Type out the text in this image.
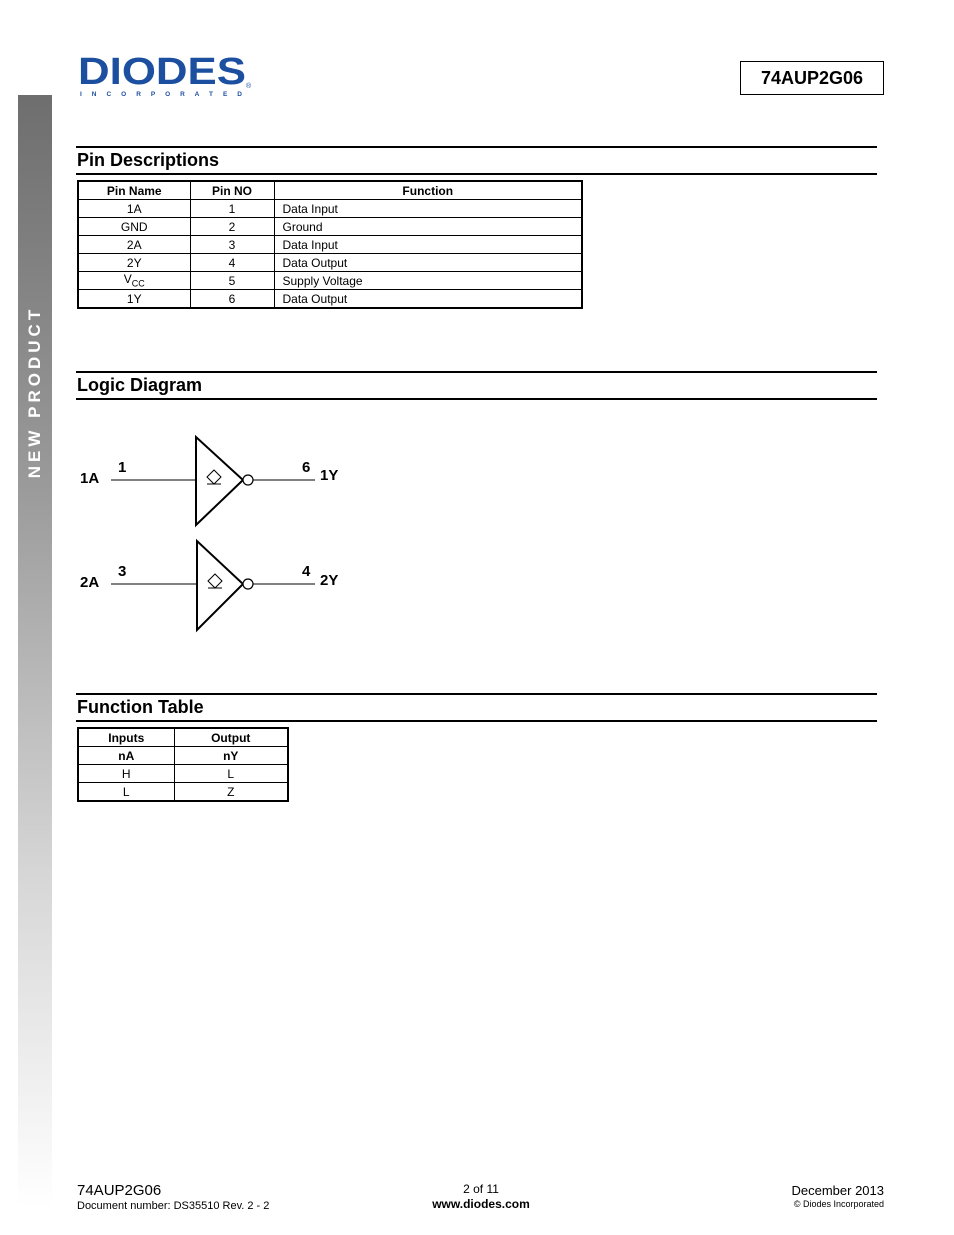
NEW PRODUCT
DIODES ®
I N C O R P O R A T E D
74AUP2G06
Pin Descriptions
Pin Name	Pin NO	Function
1A	1	Data Input
GND	2	Ground
2A	3	Data Input
2Y	4	Data Output
$V_{CC}$	5	Supply Voltage
1Y	6	Data Output
Logic Diagram
1A
1	6 1Y
2A
3	4
2Y
Function Table
Inputs	Output
nA	nY
H	L
L	Z
74AUP2G06
Document number: DS35510 Rev. 2 - 2
2 of 11
www.diodes.com
December 2013
© Diodes Incorporated
